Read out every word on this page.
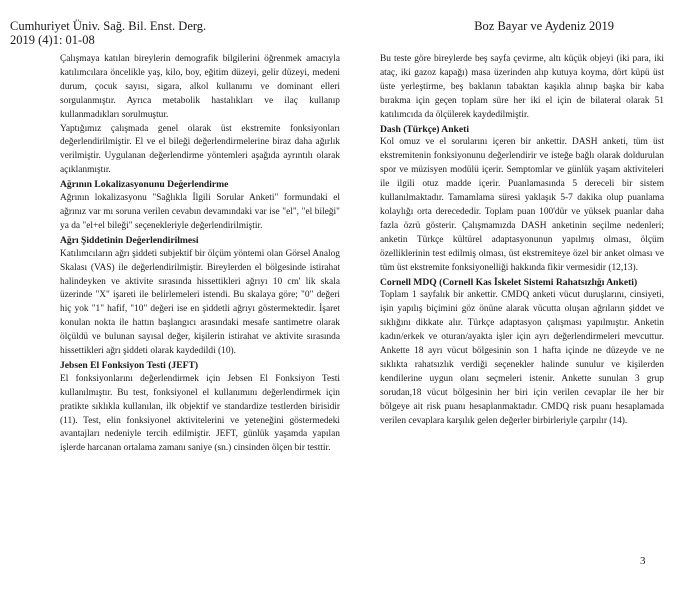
Cumhuriyet Üniv. Sağ. Bil. Enst. Derg.
2019 (4)1: 01-08
Boz Bayar ve Aydeniz 2019

Çalışmaya katılan bireylerin demografik bilgilerini öğrenmek amacıyla katılımcılara öncelikle yaş, kilo, boy, eğitim düzeyi, gelir düzeyi, medeni durum, çocuk sayısı, sigara, alkol kullanımı ve dominant elleri sorgulanmıştır. Ayrıca metabolik hastalıkları ve ilaç kullanıp kullanmadıkları sorulmuştur.

Yaptığımız çalışmada genel olarak üst ekstremite fonksiyonları değerlendirilmiştir. El ve el bileği değerlendirmelerine biraz daha ağırlık verilmiştir. Uygulanan değerlendirme yöntemleri aşağıda ayrıntılı olarak açıklanmıştır.

Ağrının Lokalizasyonunu Değerlendirme

Ağrının lokalizasyonu "Sağlıkla İlgili Sorular Anketi" formundaki el ağrınız var mı soruna verilen cevabın devamındaki var ise "el", "el bileği" ya da "el+el bileği" seçenekleriyle değerlendirilmiştir.

Ağrı Şiddetinin Değerlendirilmesi

Katılımcıların ağrı şiddeti subjektif bir ölçüm yöntemi olan Görsel Analog Skalası (VAS) ile değerlendirilmiştir. Bireylerden el bölgesinde istirahat halindeyken ve aktivite sırasında hissettikleri ağrıyı 10 cm' lik skala üzerinde "X" işareti ile belirlemeleri istendi. Bu skalaya göre; "0" değeri hiç yok "1" hafif, "10" değeri ise en şiddetli ağrıyı göstermektedir. İşaret konulan nokta ile hattın başlangıcı arasındaki mesafe santimetre olarak ölçüldü ve bulunan sayısal değer, kişilerin istirahat ve aktivite sırasında hissettikleri ağrı şiddeti olarak kaydedildi (10).

Jebsen El Fonksiyon Testi (JEFT)

El fonksiyonlarını değerlendirmek için Jebsen El Fonksiyon Testi kullanılmıştır. Bu test, fonksiyonel el kullanımını değerlendirmek için pratikte sıklıkla kullanılan, ilk objektif ve standardize testlerden birisidir (11). Test, elin fonksiyonel aktivitelerini ve yeteneğini göstermedeki avantajları nedeniyle tercih edilmiştir. JEFT, günlük yaşamda yapılan işlerde harcanan ortalama zamanı saniye (sn.) cinsinden ölçen bir testtir.

Bu teste göre bireylerde beş sayfa çevirme, altı küçük objeyi (iki para, iki ataç, iki gazoz kapağı) masa üzerinden alıp kutuya koyma, dört küpü üst üste yerleştirme, beş baklanın tabaktan kaşıkla alınıp başka bir kaba bırakma için geçen toplam süre her iki el için de bilateral olarak 51 katılımcıda da ölçülerek kaydedilmiştir.

Dash (Türkçe) Anketi

Kol omuz ve el sorularını içeren bir ankettir. DASH anketi, tüm üst ekstremitenin fonksiyonunu değerlendirir ve isteğe bağlı olarak doldurulan spor ve müzisyen modülü içerir. Semptomlar ve günlük yaşam aktiviteleri ile ilgili otuz madde içerir. Puanlamasında 5 dereceli bir sistem kullanılmaktadır. Tamamlama süresi yaklaşık 5-7 dakika olup puanlama kolaylığı orta derecededir. Toplam puan 100'dür ve yüksek puanlar daha fazla özrü gösterir. Çalışmamızda DASH anketinin seçilme nedenleri; anketin Türkçe kültürel adaptasyonunun yapılmış olması, ölçüm özelliklerinin test edilmiş olması, üst ekstremiteye özel bir anket olması ve tüm üst ekstremite fonksiyonelliği hakkında fikir vermesidir (12,13).

Cornell MDQ (Cornell Kas İskelet Sistemi Rahatsızlığı Anketi)

Toplam 1 sayfalık bir ankettir. CMDQ anketi vücut duruşlarını, cinsiyeti, işin yapılış biçimini göz önüne alarak vücutta oluşan ağrıların şiddet ve sıklığını dikkate alır. Türkçe adaptasyon çalışması yapılmıştır. Anketin kadın/erkek ve oturan/ayakta işler için ayrı değerlendirmeleri mevcuttur. Ankette 18 ayrı vücut bölgesinin son 1 hafta içinde ne düzeyde ve ne sıklıkta rahatsızlık verdiği seçenekler halinde sunulur ve kişilerden kendilerine uygun olanı seçmeleri istenir. Ankette sunulan 3 grup sorudan,18 vücut bölgesinin her biri için verilen cevaplar ile her bir bölgeye ait risk puanı hesaplanmaktadır. CMDQ risk puanı hesaplamada verilen cevaplara karşılık gelen değerler birbirleriyle çarpılır (14).

3
